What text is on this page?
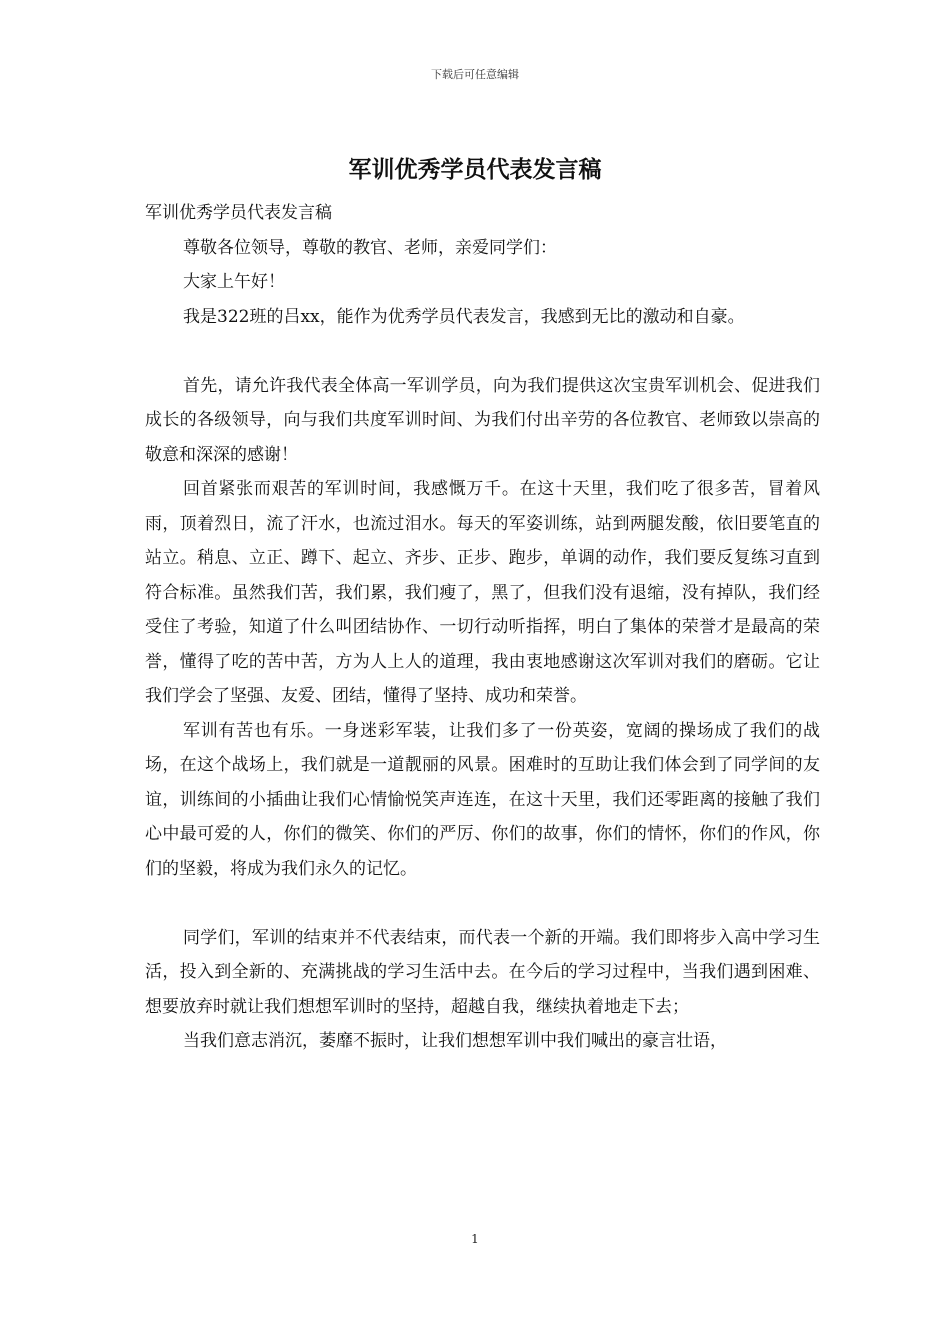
下载后可任意编辑
军训优秀学员代表发言稿

军训优秀学员代表发言稿

尊敬各位领导，尊敬的教官、老师，亲爱同学们：

大家上午好！

我是322班的吕xx，能作为优秀学员代表发言，我感到无比的激动和自豪。

首先，请允许我代表全体高一军训学员，向为我们提供这次宝贵军训机会、促进我们成长的各级领导，向与我们共度军训时间、为我们付出辛劳的各位教官、老师致以崇高的敬意和深深的感谢！

回首紧张而艰苦的军训时间，我感慨万千。在这十天里，我们吃了很多苦，冒着风雨，顶着烈日，流了汗水，也流过泪水。每天的军姿训练，站到两腿发酸，依旧要笔直的站立。稍息、立正、蹲下、起立、齐步、正步、跑步，单调的动作，我们要反复练习直到符合标准。虽然我们苦，我们累，我们瘦了，黑了，但我们没有退缩，没有掉队，我们经受住了考验，知道了什么叫团结协作、一切行动听指挥，明白了集体的荣誉才是最高的荣誉，懂得了吃的苦中苦，方为人上人的道理，我由衷地感谢这次军训对我们的磨砺。它让我们学会了坚强、友爱、团结，懂得了坚持、成功和荣誉。

军训有苦也有乐。一身迷彩军装，让我们多了一份英姿，宽阔的操场成了我们的战场，在这个战场上，我们就是一道靓丽的风景。困难时的互助让我们体会到了同学间的友谊，训练间的小插曲让我们心情愉悦笑声连连，在这十天里，我们还零距离的接触了我们心中最可爱的人，你们的微笑、你们的严厉、你们的故事，你们的情怀，你们的作风，你们的坚毅，将成为我们永久的记忆。

同学们，军训的结束并不代表结束，而代表一个新的开端。我们即将步入高中学习生活，投入到全新的、充满挑战的学习生活中去。在今后的学习过程中，当我们遇到困难、想要放弃时就让我们想想军训时的坚持，超越自我，继续执着地走下去；

当我们意志消沉，萎靡不振时，让我们想想军训中我们喊出的豪言壮语，

1
